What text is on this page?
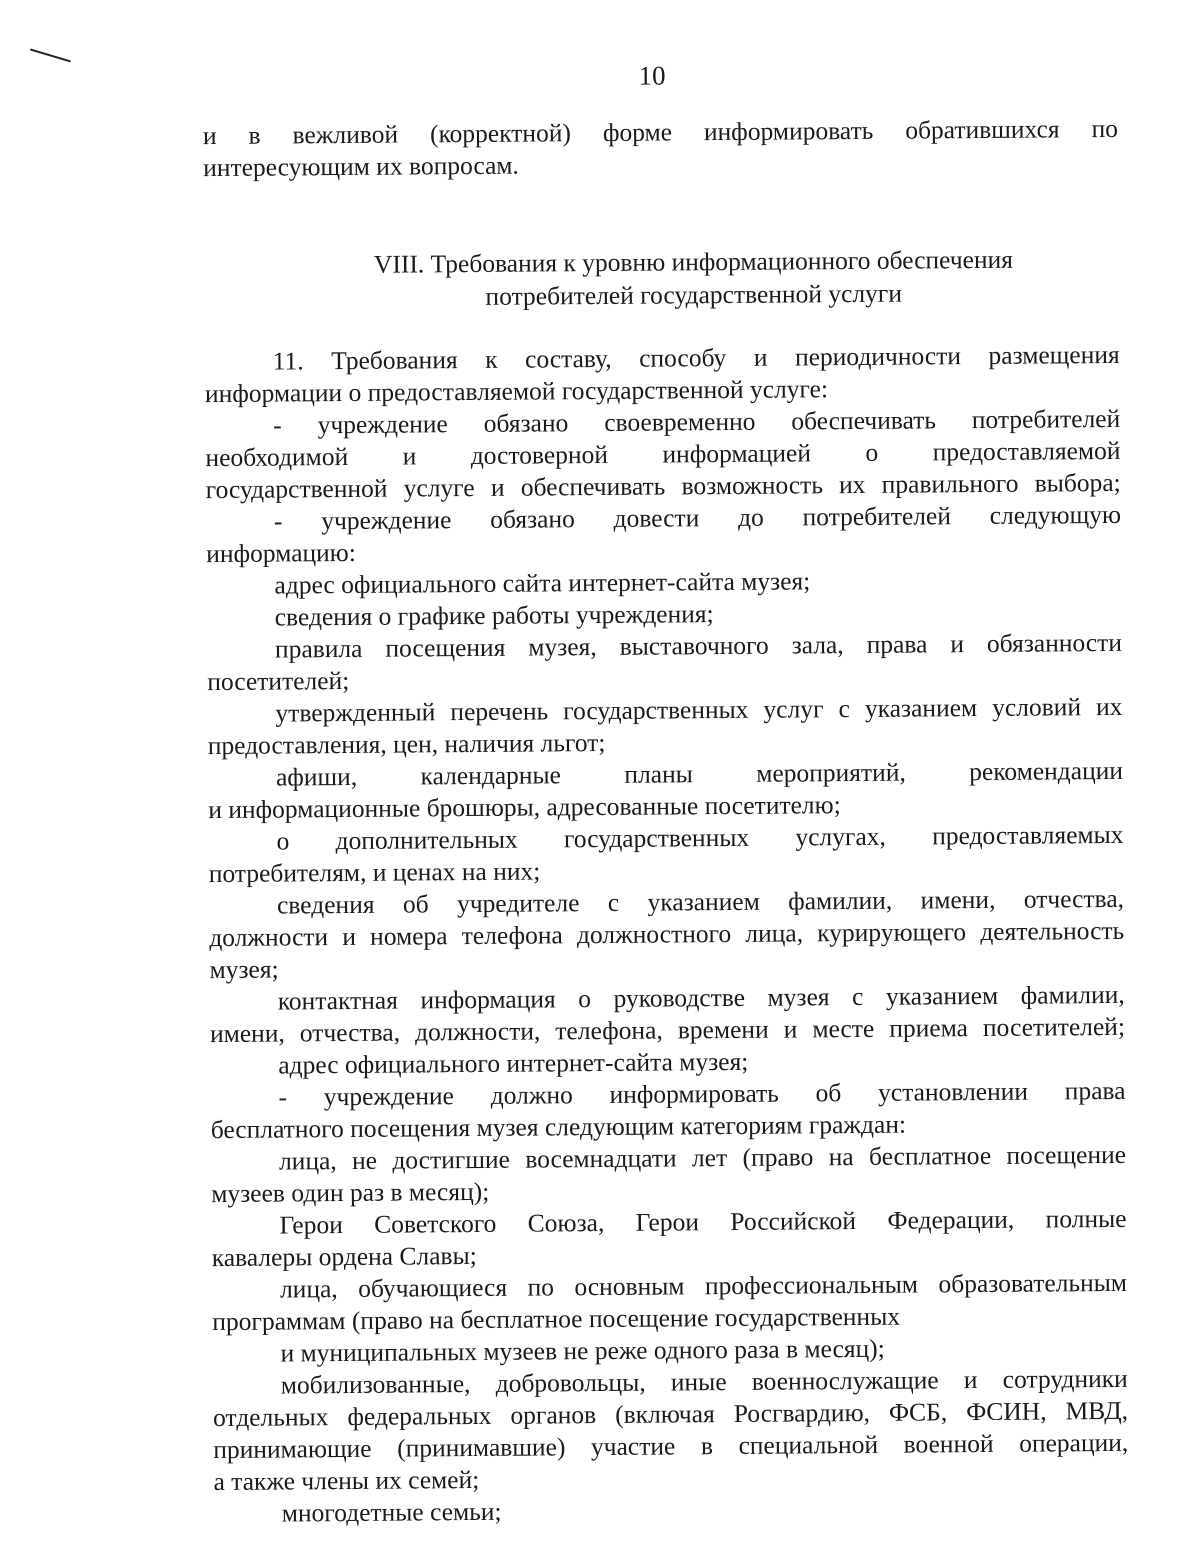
10
и в вежливой (корректной) форме информировать обратившихся по
интересующим их вопросам.
VIII. Требования к уровню информационного обеспечения
потребителей государственной услуги
11. Требования к составу, способу и периодичности размещения
информации о предоставляемой государственной услуге:
- учреждение обязано своевременно обеспечивать потребителей
необходимой и достоверной информацией о предоставляемой
государственной услуге и обеспечивать возможность их правильного выбора;
- учреждение обязано довести до потребителей следующую
информацию:
адрес официального сайта интернет-сайта музея;
сведения о графике работы учреждения;
правила посещения музея, выставочного зала, права и обязанности
посетителей;
утвержденный перечень государственных услуг с указанием условий их
предоставления, цен, наличия льгот;
афиши, календарные планы мероприятий, рекомендации
и информационные брошюры, адресованные посетителю;
о дополнительных государственных услугах, предоставляемых
потребителям, и ценах на них;
сведения об учредителе с указанием фамилии, имени, отчества,
должности и номера телефона должностного лица, курирующего деятельность
музея;
контактная информация о руководстве музея с указанием фамилии,
имени, отчества, должности, телефона, времени и месте приема посетителей;
адрес официального интернет-сайта музея;
- учреждение должно информировать об установлении права
бесплатного посещения музея следующим категориям граждан:
лица, не достигшие восемнадцати лет (право на бесплатное посещение
музеев один раз в месяц);
Герои Советского Союза, Герои Российской Федерации, полные
кавалеры ордена Славы;
лица, обучающиеся по основным профессиональным образовательным
программам (право на бесплатное посещение государственных
и муниципальных музеев не реже одного раза в месяц);
мобилизованные, добровольцы, иные военнослужащие и сотрудники
отдельных федеральных органов (включая Росгвардию, ФСБ, ФСИН, МВД,
принимающие (принимавшие) участие в специальной военной операции,
а также члены их семей;
многодетные семьи;
